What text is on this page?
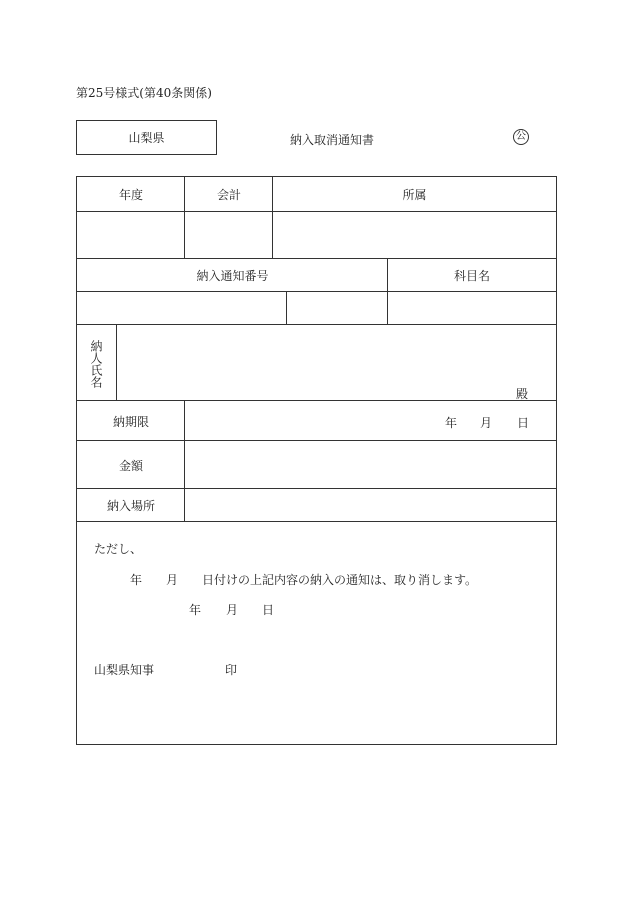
第25号様式(第40条関係)
山梨県	納入取消通知書	公
年度	会計	所属
納入通知番号	科目名
納人氏名
殿
納期限	年 月 日
金額
納入場所
ただし、
年 月 日付けの上記内容の納入の通知は、取り消します。
年 月 日
山梨県知事	印
